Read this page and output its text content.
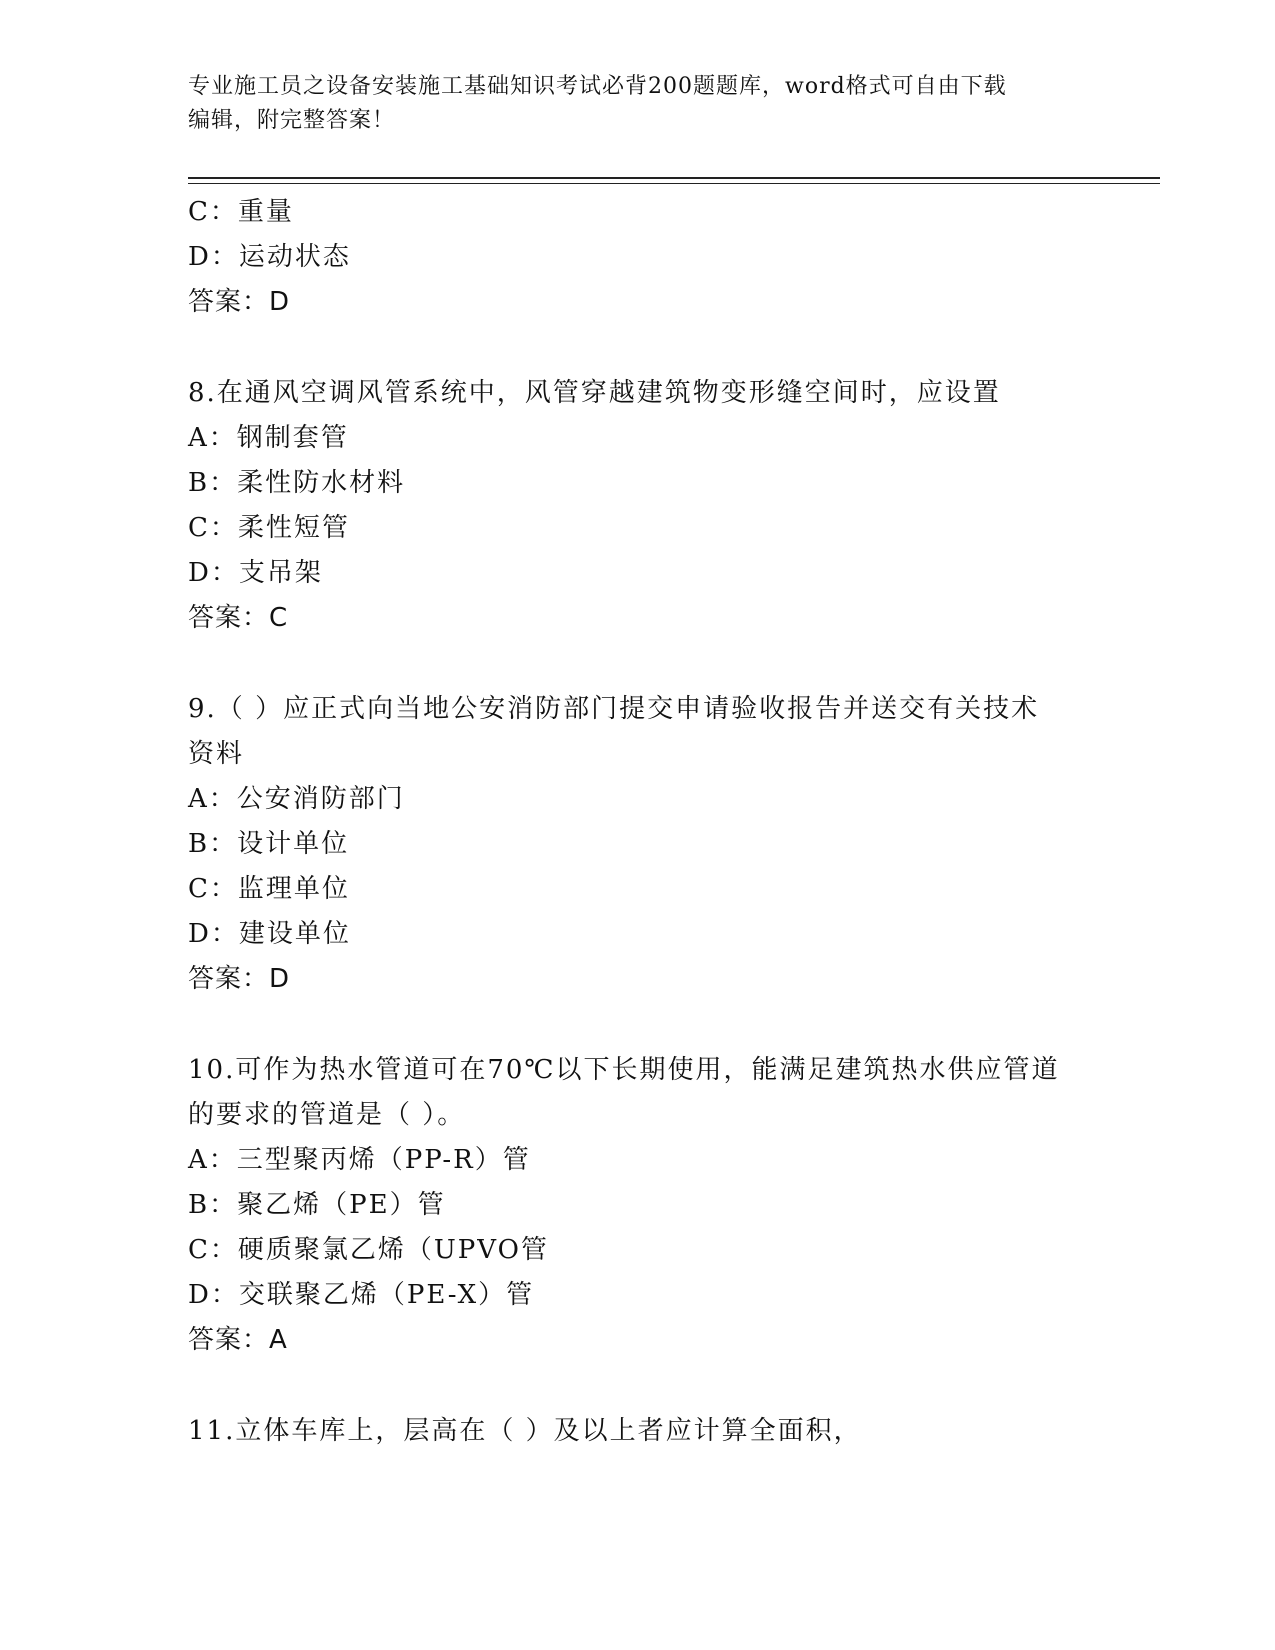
专业施工员之设备安装施工基础知识考试必背200题题库，word格式可自由下载
编辑，附完整答案！
C：重量
D：运动状态
答案：D
8.在通风空调风管系统中，风管穿越建筑物变形缝空间时，应设置
A：钢制套管
B：柔性防水材料
C：柔性短管
D：支吊架
答案：C
9.（ ）应正式向当地公安消防部门提交申请验收报告并送交有关技术
资料
A：公安消防部门
B：设计单位
C：监理单位
D：建设单位
答案：D
10.可作为热水管道可在70℃以下长期使用，能满足建筑热水供应管道
的要求的管道是（ ）。
A：三型聚丙烯（PP-R）管
B：聚乙烯（PE）管
C：硬质聚氯乙烯（UPVO管
D：交联聚乙烯（PE-X）管
答案：A
11.立体车库上，层高在（ ）及以上者应计算全面积，
